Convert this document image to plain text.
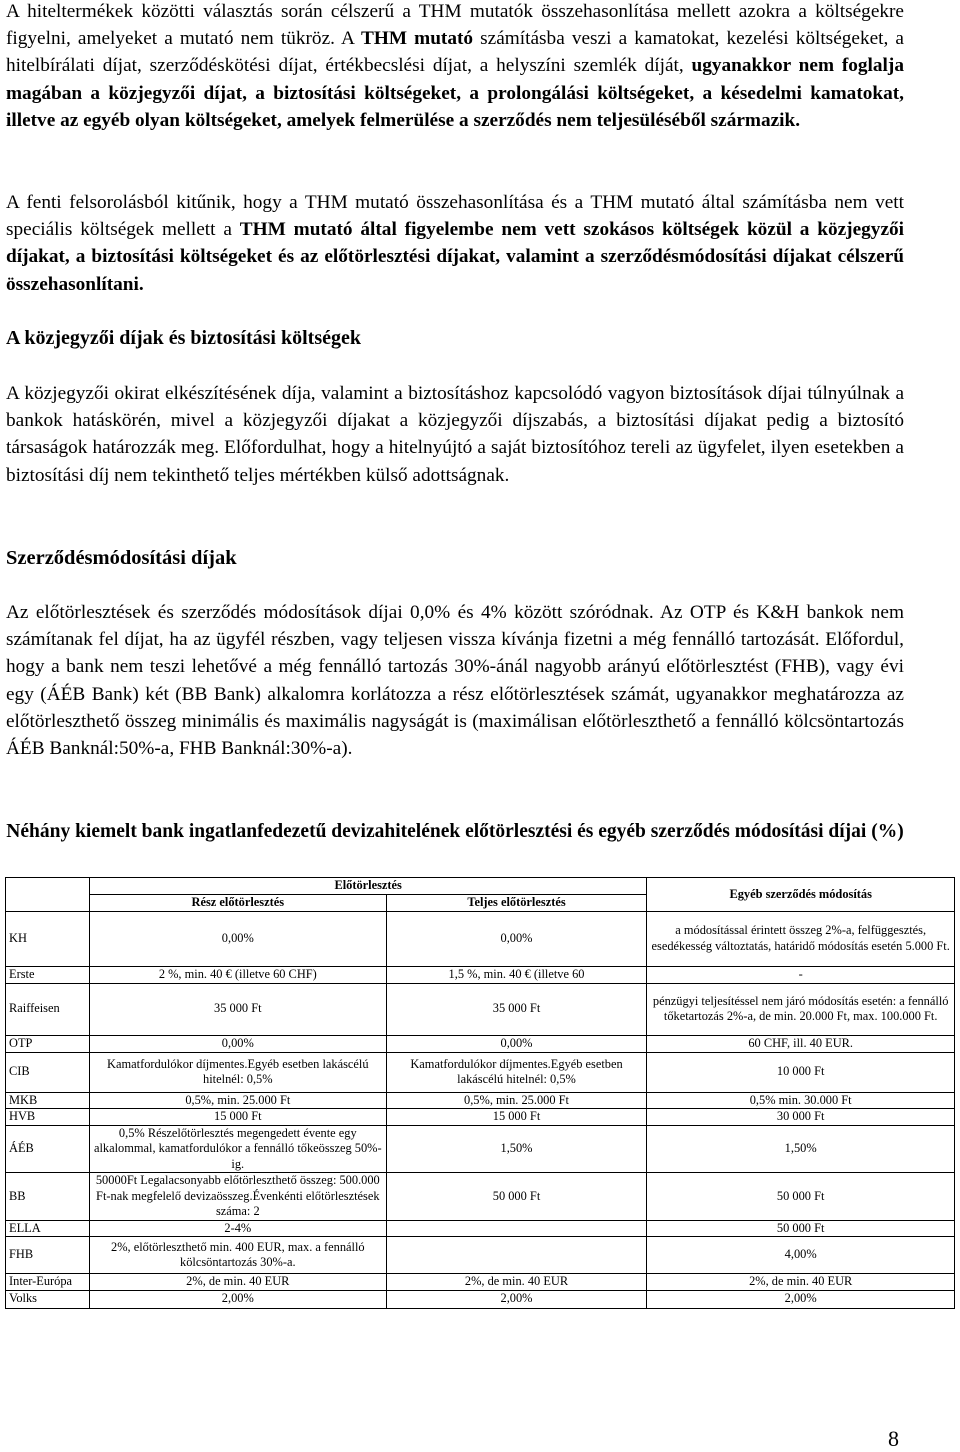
A hiteltermékek közötti választás során célszerű a THM mutatók összehasonlítása mellett azokra a költségekre figyelni, amelyeket a mutató nem tükröz. A THM mutató számításba veszi a kamatokat, kezelési költségeket, a hitelbírálati díjat, szerződéskötési díjat, értékbecslési díjat, a helyszíni szemlék díját, ugyanakkor nem foglalja magában a közjegyzői díjat, a biztosítási költségeket, a prolongálási költségeket, a késedelmi kamatokat, illetve az egyéb olyan költségeket, amelyek felmerülése a szerződés nem teljesüléséből származik.

A fenti felsorolásból kitűnik, hogy a THM mutató összehasonlítása és a THM mutató által számításba nem vett speciális költségek mellett a THM mutató által figyelembe nem vett szokásos költségek közül a közjegyzői díjakat, a biztosítási költségeket és az előtörlesztési díjakat, valamint a szerződésmódosítási díjakat célszerű összehasonlítani.

A közjegyzői díjak és biztosítási költségek

A közjegyzői okirat elkészítésének díja, valamint a biztosításhoz kapcsolódó vagyon biztosítások díjai túlnyúlnak a bankok hatáskörén, mivel a közjegyzői díjakat a közjegyzői díjszabás, a biztosítási díjakat pedig a biztosító társaságok határozzák meg. Előfordulhat, hogy a hitelnyújtó a saját biztosítóhoz tereli az ügyfelet, ilyen esetekben a biztosítási díj nem tekinthető teljes mértékben külső adottságnak.

Szerződésmódosítási díjak

Az előtörlesztések és szerződés módosítások díjai 0,0% és 4% között szóródnak. Az OTP és K&H bankok nem számítanak fel díjat, ha az ügyfél részben, vagy teljesen vissza kívánja fizetni a még fennálló tartozását. Előfordul, hogy a bank nem teszi lehetővé a még fennálló tartozás 30%-ánál nagyobb arányú előtörlesztést (FHB), vagy évi egy (ÁÉB Bank) két (BB Bank) alkalomra korlátozza a rész előtörlesztések számát, ugyanakkor meghatározza az előtörleszthető összeg minimális és maximális nagyságát is (maximálisan előtörleszthető a fennálló kölcsöntartozás ÁÉB Banknál:50%-a, FHB Banknál:30%-a).

Néhány kiemelt bank ingatlanfedezetű devizahitelének előtörlesztési és egyéb szerződés módosítási díjai (%)
	Előtörlesztés		Egyéb szerződés módosítás
	Rész előtörlesztés	Teljes előtörlesztés	
KH	0,00%	0,00%	a módosítással érintett összeg 2%-a, felfüggesztés, esedékesség változtatás, határidő módosítás esetén 5.000 Ft.
Erste	2 %, min. 40 € (illetve 60 CHF)	1,5 %, min. 40 € (illetve 60	-
Raiffeisen	35 000 Ft	35 000 Ft	pénzügyi teljesítéssel nem járó módosítás esetén: a fennálló tőketartozás 2%-a, de min. 20.000 Ft, max. 100.000 Ft.
OTP	0,00%	0,00%	60 CHF, ill. 40 EUR.
CIB	Kamatfordulókor díjmentes.Egyéb esetben lakáscélú hitelnél: 0,5%	Kamatfordulókor díjmentes.Egyéb esetben lakáscélú hitelnél: 0,5%	10 000 Ft
MKB	0,5%, min. 25.000 Ft	0,5%, min. 25.000 Ft	0,5% min. 30.000 Ft
HVB	15 000 Ft	15 000 Ft	30 000 Ft
ÁÉB	0,5% Részelőtörlesztés megengedett évente egy alkalommal, kamatfordulókor a fennálló tőkeösszeg 50%-ig.	1,50%	1,50%
BB	50000Ft Legalacsonyabb előtörleszthető összeg: 500.000 Ft-nak megfelelő devizaösszeg.Évenkénti előtörlesztések száma: 2	50 000 Ft	50 000 Ft
ELLA	2-4%		50 000 Ft
FHB	2%, előtörleszthető min. 400 EUR, max. a fennálló kölcsöntartozás 30%-a.		4,00%
Inter-Európa	2%, de min. 40 EUR	2%, de min. 40 EUR	2%, de min. 40 EUR
Volks	2,00%	2,00%	2,00%
8
